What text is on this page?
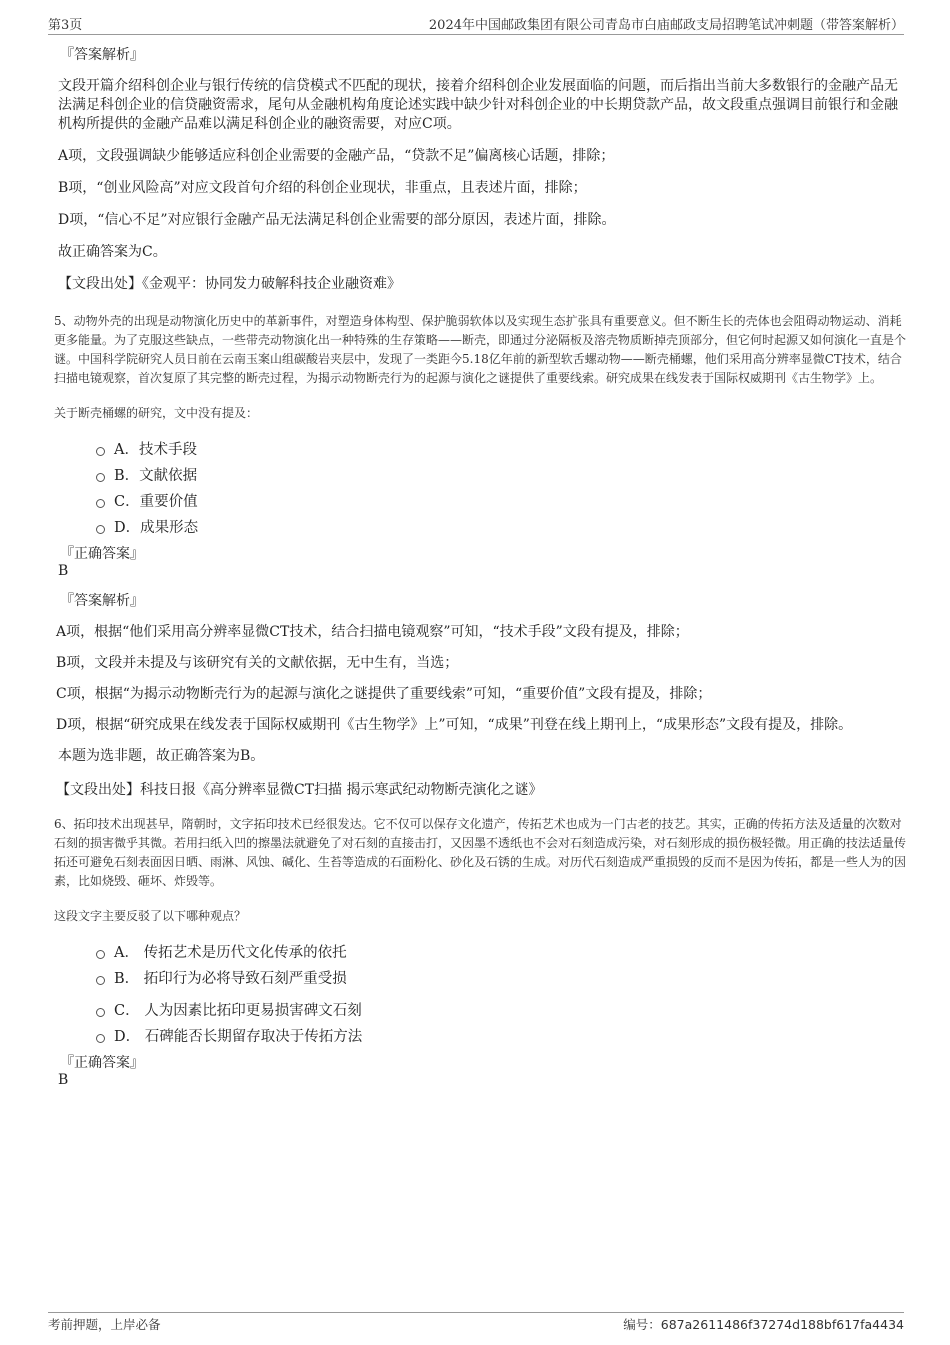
第3页	2024年中国邮政集团有限公司青岛市白庙邮政支局招聘笔试冲刺题（带答案解析）
『答案解析』
文段开篇介绍科创企业与银行传统的信贷模式不匹配的现状，接着介绍科创企业发展面临的问题，而后指出当前大多数银行的金融产品无法满足科创企业的信贷融资需求，尾句从金融机构角度论述实践中缺少针对科创企业的中长期贷款产品，故文段重点强调目前银行和金融机构所提供的金融产品难以满足科创企业的融资需要，对应C项。
A项，文段强调缺少能够适应科创企业需要的金融产品，“贷款不足”偏离核心话题，排除；
B项，“创业风险高”对应文段首句介绍的科创企业现状，非重点，且表述片面，排除；
D项，“信心不足”对应银行金融产品无法满足科创企业需要的部分原因，表述片面，排除。
故正确答案为C。
【文段出处】《金观平：协同发力破解科技企业融资难》
5、动物外壳的出现是动物演化历史中的革新事件，对塑造身体构型、保护脆弱软体以及实现生态扩张具有重要意义。但不断生长的壳体也会阻碍动物运动、消耗更多能量。为了克服这些缺点，一些带壳动物演化出一种特殊的生存策略——断壳，即通过分泌隔板及溶壳物质断掉壳顶部分，但它何时起源又如何演化一直是个谜。中国科学院研究人员日前在云南玉案山组碳酸岩夹层中，发现了一类距今5.18亿年前的新型软舌螺动物——断壳桶螺，他们采用高分辨率显微CT技术，结合扫描电镜观察，首次复原了其完整的断壳过程，为揭示动物断壳行为的起源与演化之谜提供了重要线索。研究成果在线发表于国际权威期刊《古生物学》上。
关于断壳桶螺的研究，文中没有提及：
A．技术手段
B．文献依据
C．重要价值
D．成果形态
『正确答案』
B
『答案解析』
A项，根据“他们采用高分辨率显微CT技术，结合扫描电镜观察”可知，“技术手段”文段有提及，排除；
B项，文段并未提及与该研究有关的文献依据，无中生有，当选；
C项，根据“为揭示动物断壳行为的起源与演化之谜提供了重要线索”可知，“重要价值”文段有提及，排除；
D项，根据“研究成果在线发表于国际权威期刊《古生物学》上”可知，“成果”刊登在线上期刊上，“成果形态”文段有提及，排除。
本题为选非题，故正确答案为B。
【文段出处】科技日报《高分辨率显微CT扫描 揭示寒武纪动物断壳演化之谜》
6、拓印技术出现甚早，隋朝时，文字拓印技术已经很发达。它不仅可以保存文化遗产，传拓艺术也成为一门古老的技艺。其实，正确的传拓方法及适量的次数对石刻的损害微乎其微。若用扫纸入凹的擦墨法就避免了对石刻的直接击打，又因墨不透纸也不会对石刻造成污染，对石刻形成的损伤极轻微。用正确的技法适量传拓还可避免石刻表面因日晒、雨淋、风蚀、碱化、生苔等造成的石面粉化、砂化及石锈的生成。对历代石刻造成严重损毁的反而不是因为传拓，都是一些人为的因素，比如烧毁、砸坏、炸毁等。
这段文字主要反驳了以下哪种观点？
A． 传拓艺术是历代文化传承的依托
B． 拓印行为必将导致石刻严重受损
C． 人为因素比拓印更易损害碑文石刻
D． 石碑能否长期留存取决于传拓方法
『正确答案』
B
考前押题，上岸必备	编号：687a2611486f37274d188bf617fa4434
